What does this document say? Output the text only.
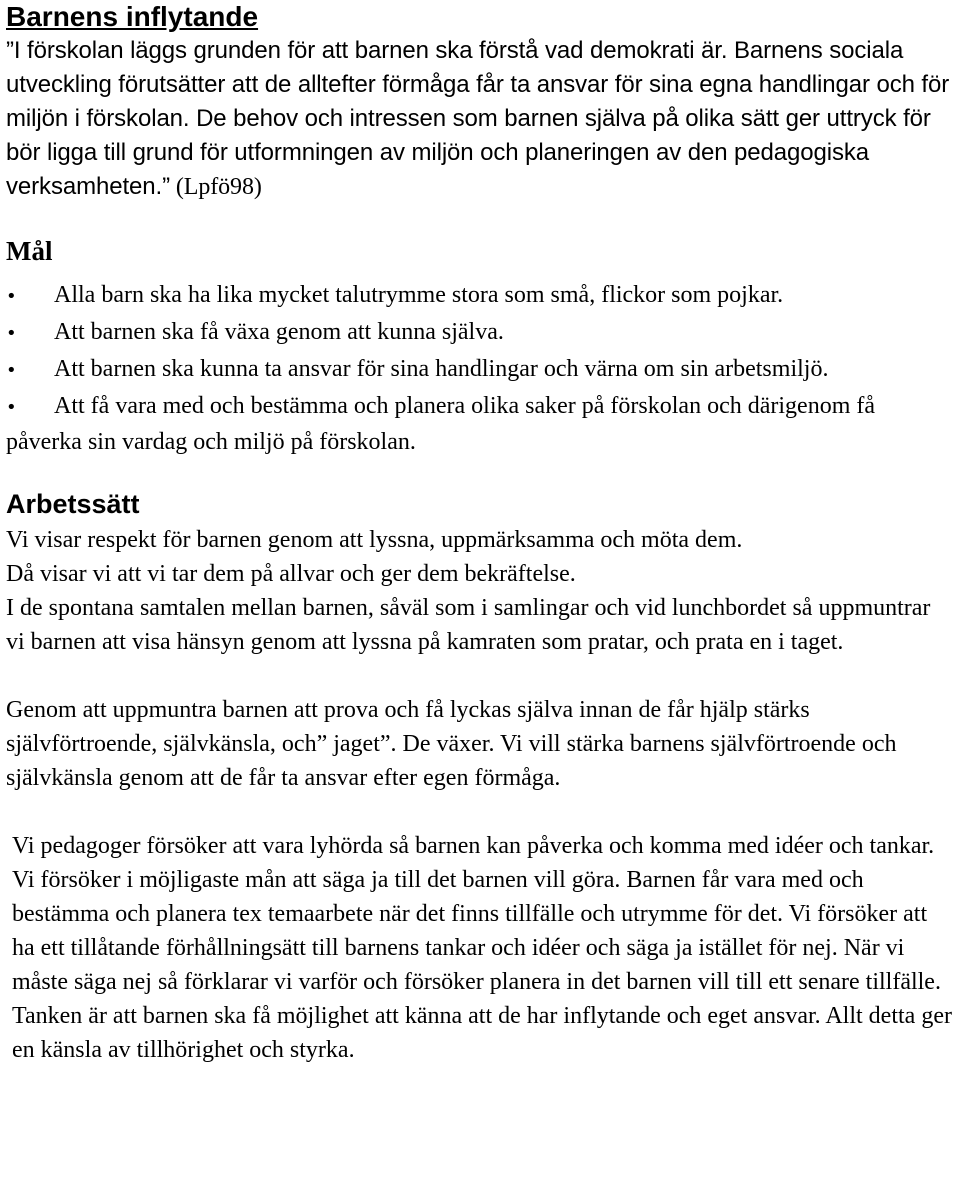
Barnens inflytande

”I förskolan läggs grunden för att barnen ska förstå vad demokrati är. Barnens sociala utveckling förutsätter att de alltefter förmåga får ta ansvar för sina egna handlingar och för miljön i förskolan. De behov och intressen som barnen själva på olika sätt ger uttryck för bör ligga till grund för utformningen av miljön och planeringen av den pedagogiska verksamheten.” (Lpfö98)

Mål
• Alla barn ska ha lika mycket talutrymme stora som små, flickor som pojkar.
• Att barnen ska få växa genom att kunna själva.
• Att barnen ska kunna ta ansvar för sina handlingar och värna om sin arbetsmiljö.
• Att få vara med och bestämma och planera olika saker på förskolan och därigenom få påverka sin vardag och miljö på förskolan.
Arbetssätt

Vi visar respekt för barnen genom att lyssna, uppmärksamma och möta dem.

Då visar vi att vi tar dem på allvar och ger dem bekräftelse.

I de spontana samtalen mellan barnen, såväl som i samlingar och vid lunchbordet så uppmuntrar vi barnen att visa hänsyn genom att lyssna på kamraten som pratar, och prata en i taget.

Genom att uppmuntra barnen att prova och få lyckas själva innan de får hjälp stärks självförtroende, självkänsla, och” jaget”. De växer. Vi vill stärka barnens självförtroende och självkänsla genom att de får ta ansvar efter egen förmåga.

Vi pedagoger försöker att vara lyhörda så barnen kan påverka och komma med idéer och tankar. Vi försöker i möjligaste mån att säga ja till det barnen vill göra. Barnen får vara med och bestämma och planera tex temaarbete när det finns tillfälle och utrymme för det. Vi försöker att ha ett tillåtande förhållningsätt till barnens tankar och idéer och säga ja istället för nej. När vi måste säga nej så förklarar vi varför och försöker planera in det barnen vill till ett senare tillfälle. Tanken är att barnen ska få möjlighet att känna att de har inflytande och eget ansvar. Allt detta ger en känsla av tillhörighet och styrka.
